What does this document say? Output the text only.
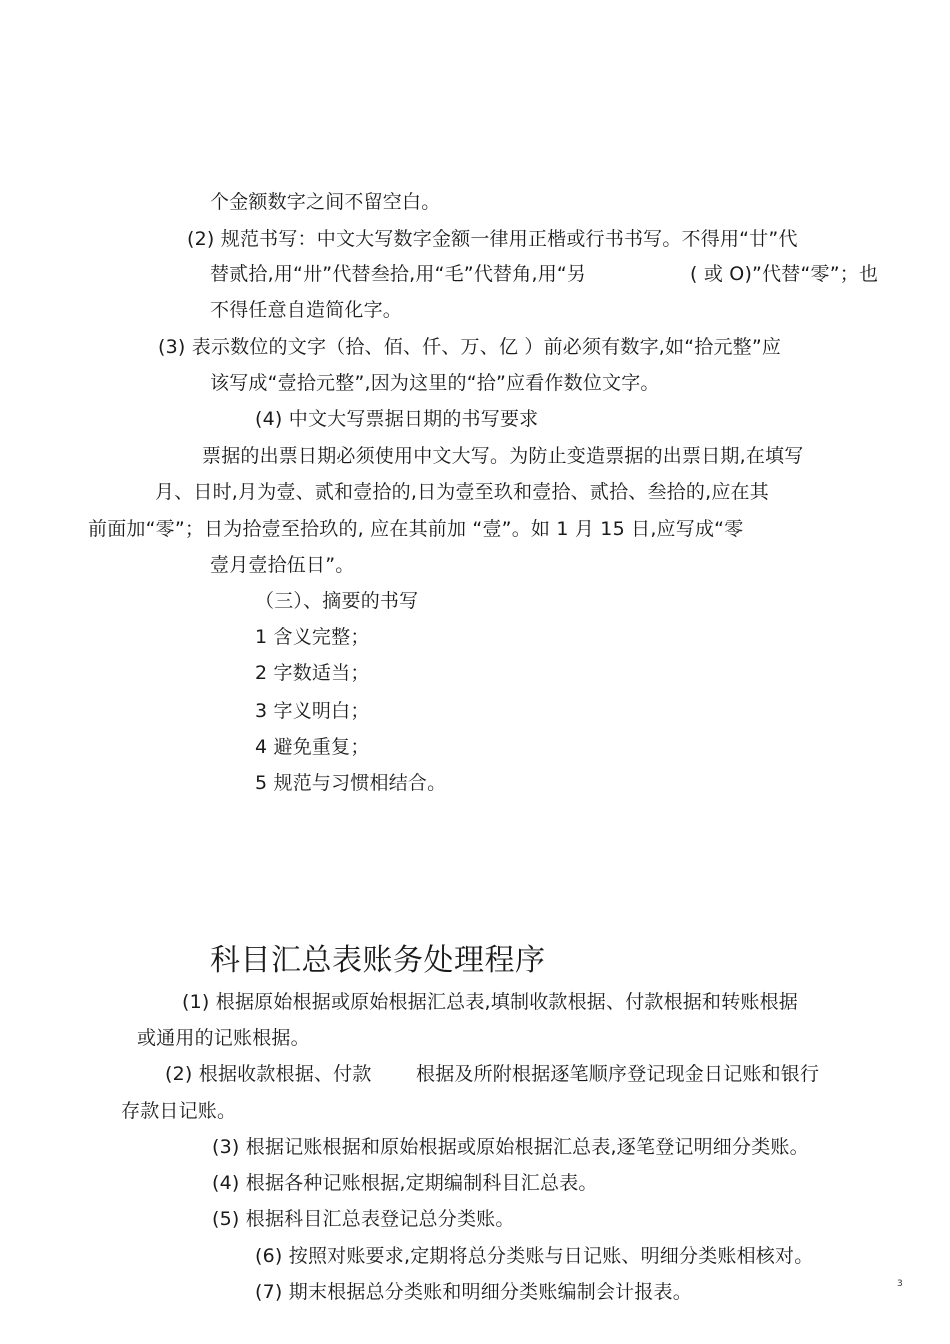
个金额数字之间不留空白。
(2) 规范书写：中文大写数字金额一律用正楷或行书书写。不得用“廿”代
替贰拾,用“卅”代替叁拾,用“毛”代替角,用“另	( 或 O)”代替“零”；也
不得任意自造简化字。
(3) 表示数位的文字（拾、佰、仟、万、亿 ）前必须有数字,如“拾元整”应
该写成“壹拾元整”,因为这里的“拾”应看作数位文字。
(4) 中文大写票据日期的书写要求
票据的出票日期必须使用中文大写。为防止变造票据的出票日期,在填写
月、日时,月为壹、贰和壹拾的,日为壹至玖和壹拾、贰拾、叁拾的,应在其
前面加“零”；日为拾壹至拾玖的, 应在其前加 “壹”。如 1 月 15 日,应写成“零
壹月壹拾伍日”。
（三）、摘要的书写
1 含义完整；
2 字数适当；
3 字义明白；
4 避免重复；
5 规范与习惯相结合。
科目汇总表账务处理程序
(1) 根据原始根据或原始根据汇总表,填制收款根据、付款根据和转账根据
或通用的记账根据。
(2) 根据收款根据、付款 根据及所附根据逐笔顺序登记现金日记账和银行
存款日记账。
(3) 根据记账根据和原始根据或原始根据汇总表,逐笔登记明细分类账。
(4) 根据各种记账根据,定期编制科目汇总表。
(5) 根据科目汇总表登记总分类账。
(6) 按照对账要求,定期将总分类账与日记账、明细分类账相核对。
(7) 期末根据总分类账和明细分类账编制会计报表。	3
